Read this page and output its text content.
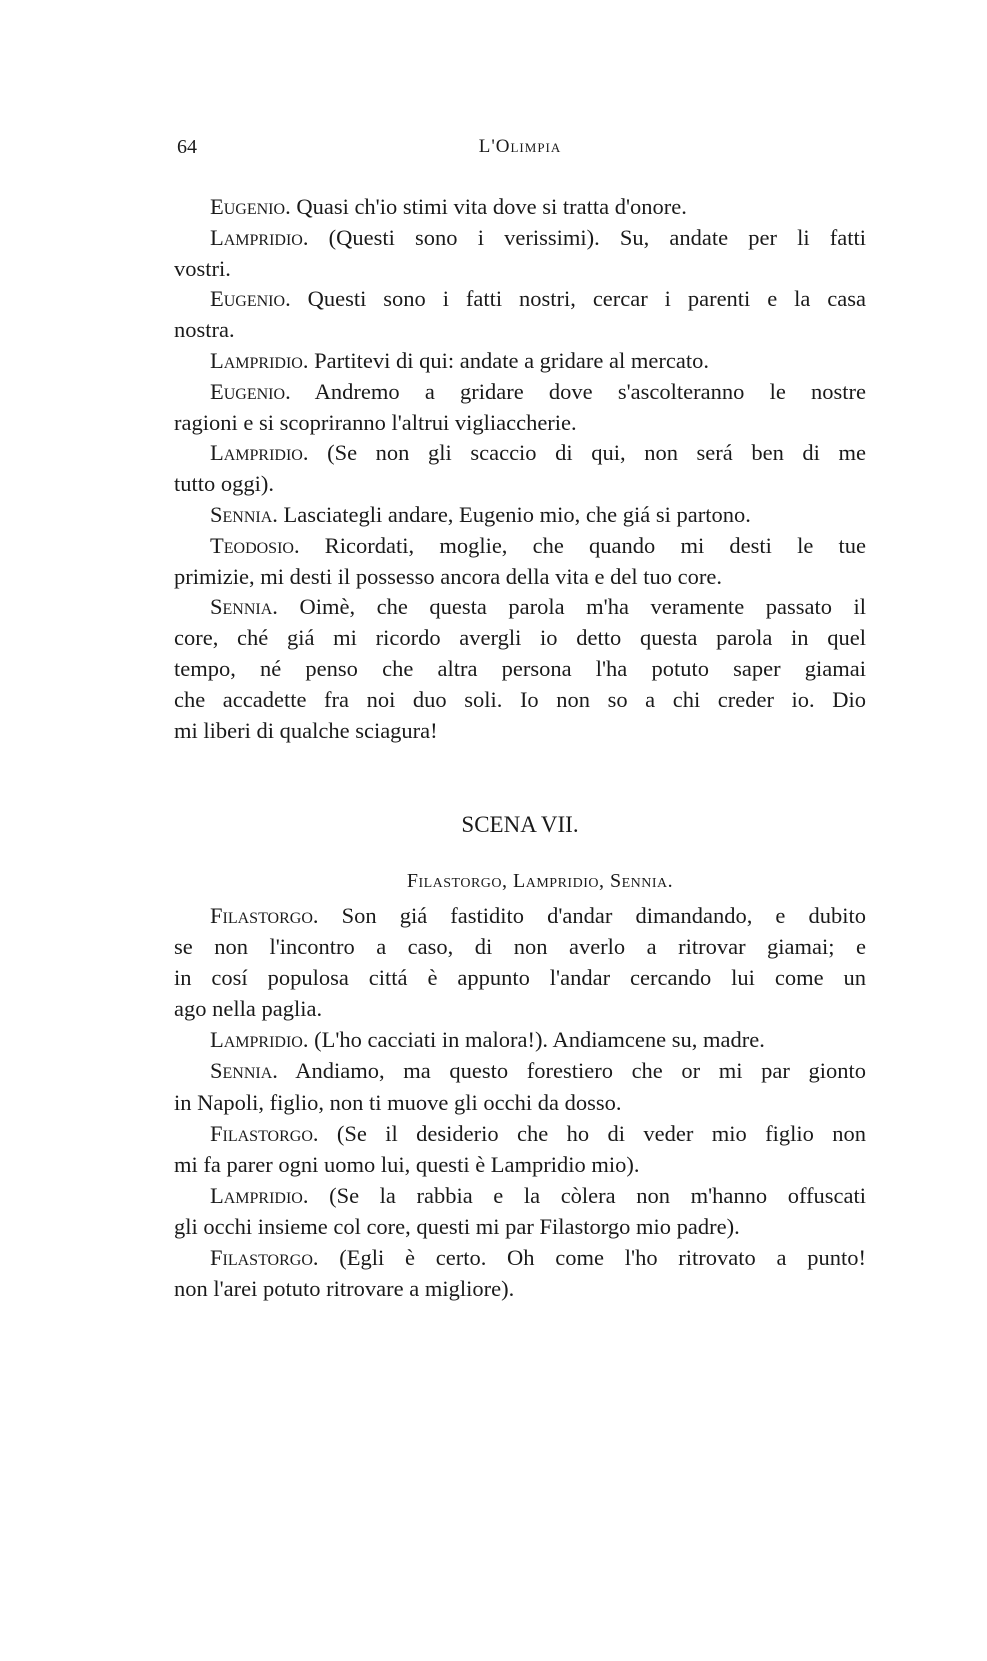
64	L'Olimpia
Eugenio. Quasi ch'io stimi vita dove si tratta d'onore.
Lampridio. (Questi sono i verissimi). Su, andate per li fatti
vostri.
Eugenio. Questi sono i fatti nostri, cercar i parenti e la casa
nostra.
Lampridio. Partitevi di qui: andate a gridare al mercato.
Eugenio. Andremo a gridare dove s'ascolteranno le nostre
ragioni e si scopriranno l'altrui vigliaccherie.
Lampridio. (Se non gli scaccio di qui, non será ben di me
tutto oggi).
Sennia. Lasciategli andare, Eugenio mio, che giá si partono.
Teodosio. Ricordati, moglie, che quando mi desti le tue
primizie, mi desti il possesso ancora della vita e del tuo core.
Sennia. Oimè, che questa parola m'ha veramente passato il
core, ché giá mi ricordo avergli io detto questa parola in quel
tempo, né penso che altra persona l'ha potuto saper giamai
che accadette fra noi duo soli. Io non so a chi creder io. Dio
mi liberi di qualche sciagura!
SCENA VII.
Filastorgo, Lampridio, Sennia.
Filastorgo. Son giá fastidito d'andar dimandando, e dubito
se non l'incontro a caso, di non averlo a ritrovar giamai; e
in cosí populosa cittá è appunto l'andar cercando lui come un
ago nella paglia.
Lampridio. (L'ho cacciati in malora!). Andiamcene su, madre.
Sennia. Andiamo, ma questo forestiero che or mi par gionto
in Napoli, figlio, non ti muove gli occhi da dosso.
Filastorgo. (Se il desiderio che ho di veder mio figlio non
mi fa parer ogni uomo lui, questi è Lampridio mio).
Lampridio. (Se la rabbia e la còlera non m'hanno offuscati
gli occhi insieme col core, questi mi par Filastorgo mio padre).
Filastorgo. (Egli è certo. Oh come l'ho ritrovato a punto!
non l'arei potuto ritrovare a migliore).
